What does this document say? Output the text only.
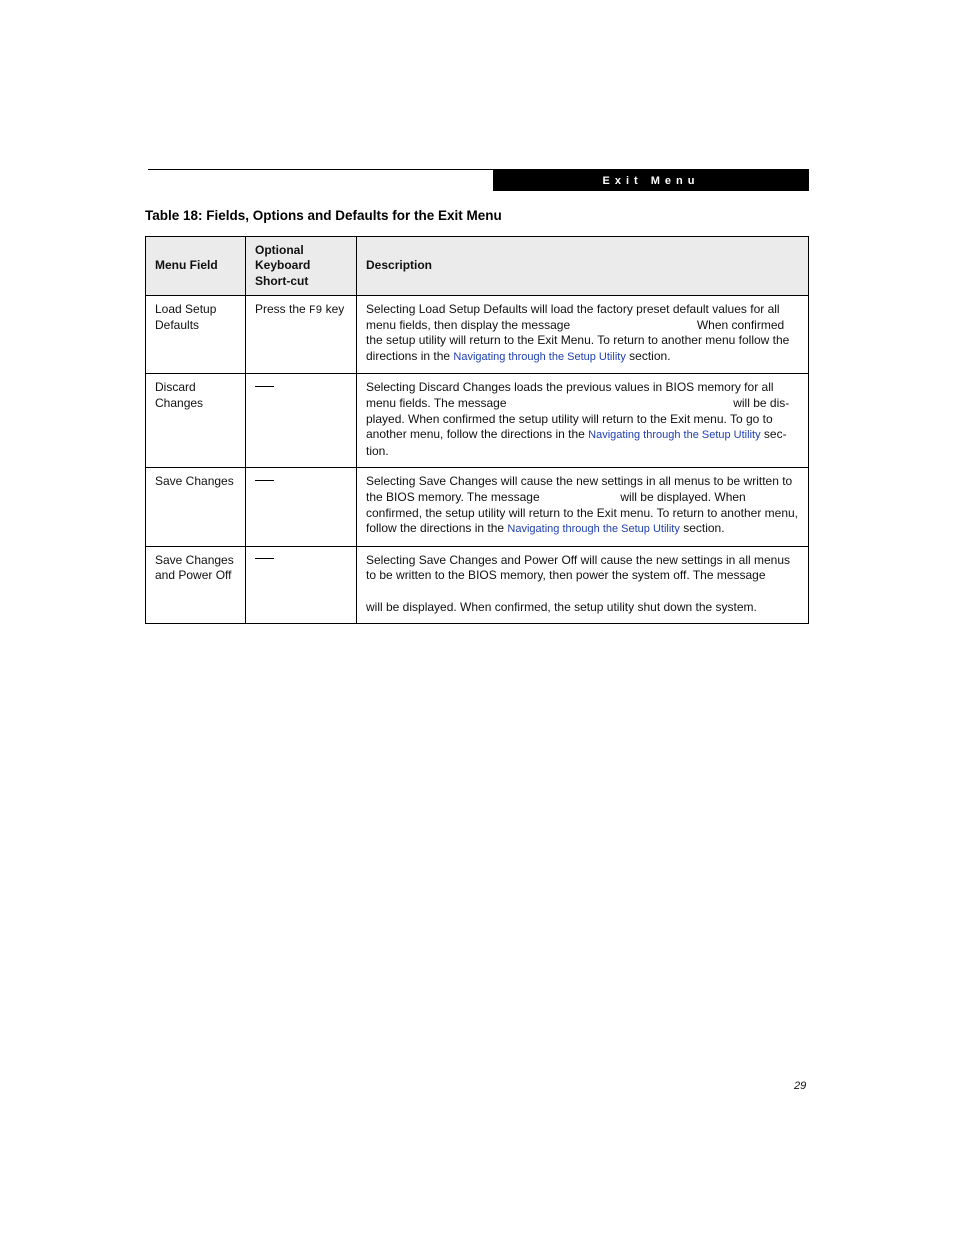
Exit Menu
Table 18: Fields, Options and Defaults for the Exit Menu
Menu Field	Optional Keyboard Short-cut	Description
Load Setup Defaults	Press the F9 key	Selecting Load Setup Defaults will load the factory preset default values for all menu fields, then display the message When confirmed the setup utility will return to the Exit Menu. To return to another menu follow the directions in the Navigating through the Setup Utility section.
Discard Changes		Selecting Discard Changes loads the previous values in BIOS memory for all menu fields. The message will be dis-played. When confirmed the setup utility will return to the Exit menu. To go to another menu, follow the directions in the Navigating through the Setup Utility sec-tion.
Save Changes		Selecting Save Changes will cause the new settings in all menus to be written to the BIOS memory. The message will be displayed. When confirmed, the setup utility will return to the Exit menu. To return to another menu, follow the directions in the Navigating through the Setup Utility section.
Save Changes and Power Off		Selecting Save Changes and Power Off will cause the new settings in all menus to be written to the BIOS memory, then power the system off. The message
will be displayed. When confirmed, the setup utility shut down the system.
29
